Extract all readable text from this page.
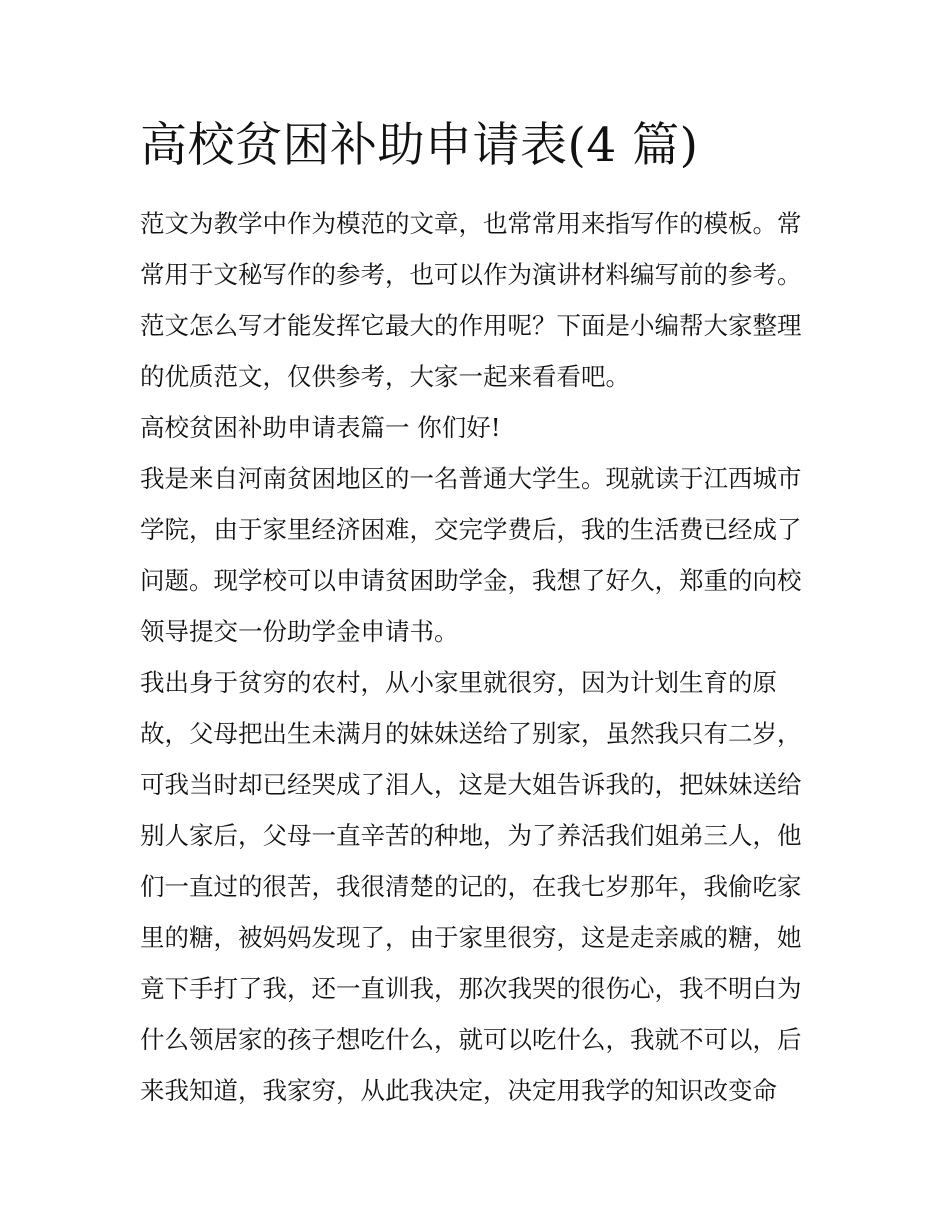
高校贫困补助申请表(4 篇)
范文为教学中作为模范的文章，也常常用来指写作的模板。常
常用于文秘写作的参考，也可以作为演讲材料编写前的参考。
范文怎么写才能发挥它最大的作用呢？下面是小编帮大家整理
的优质范文，仅供参考，大家一起来看看吧。
高校贫困补助申请表篇一 你们好!
我是来自河南贫困地区的一名普通大学生。现就读于江西城市
学院，由于家里经济困难，交完学费后，我的生活费已经成了
问题。现学校可以申请贫困助学金，我想了好久，郑重的向校
领导提交一份助学金申请书。
我出身于贫穷的农村，从小家里就很穷，因为计划生育的原
故，父母把出生未满月的妹妹送给了别家，虽然我只有二岁，
可我当时却已经哭成了泪人，这是大姐告诉我的，把妹妹送给
别人家后，父母一直辛苦的种地，为了养活我们姐弟三人，他
们一直过的很苦，我很清楚的记的，在我七岁那年，我偷吃家
里的糖，被妈妈发现了，由于家里很穷，这是走亲戚的糖，她
竟下手打了我，还一直训我，那次我哭的很伤心，我不明白为
什么领居家的孩子想吃什么，就可以吃什么，我就不可以，后
来我知道，我家穷，从此我决定，决定用我学的知识改变命
